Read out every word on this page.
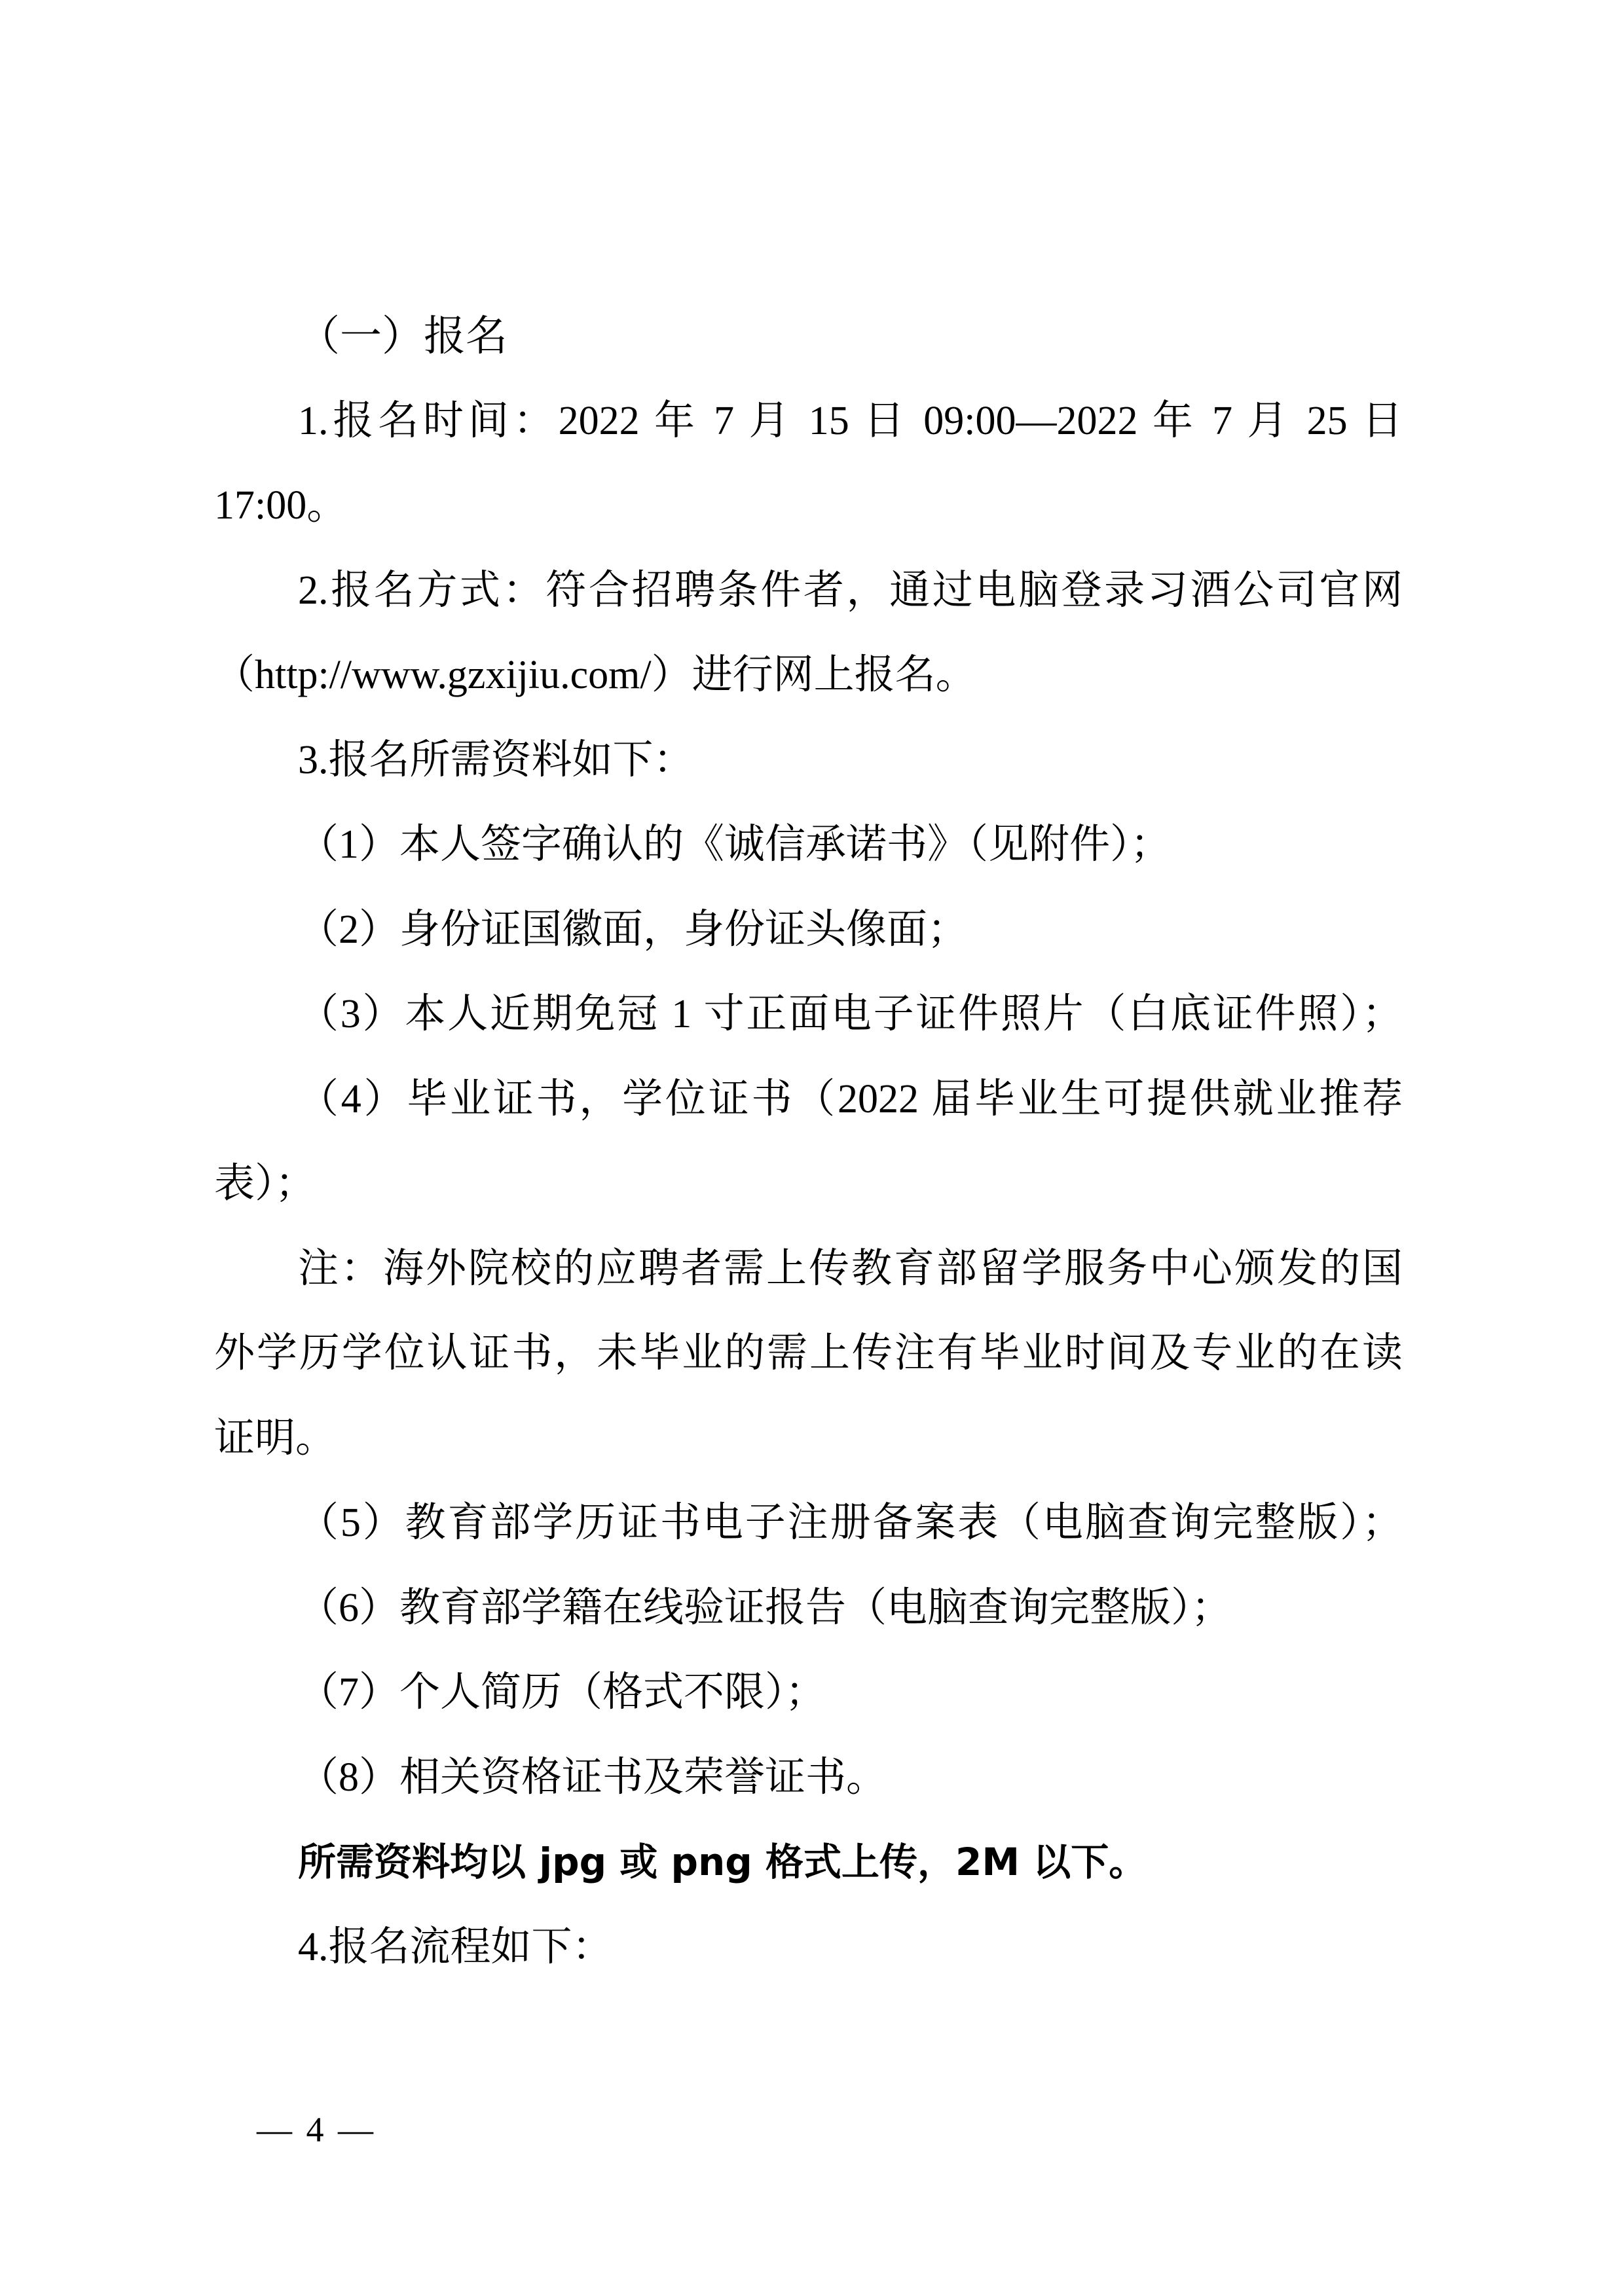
（一）报名
1.报名时间：2022 年 7 月 15 日 09:00—2022 年 7 月 25 日
17:00。
2.报名方式：符合招聘条件者，通过电脑登录习酒公司官网
（http://www.gzxijiu.com/）进行网上报名。
3.报名所需资料如下：
（1）本人签字确认的《诚信承诺书》（见附件）；
（2）身份证国徽面，身份证头像面；
（3）本人近期免冠 1 寸正面电子证件照片（白底证件照）；
（4）毕业证书，学位证书（2022 届毕业生可提供就业推荐
表）；
注：海外院校的应聘者需上传教育部留学服务中心颁发的国
外学历学位认证书，未毕业的需上传注有毕业时间及专业的在读
证明。
（5）教育部学历证书电子注册备案表（电脑查询完整版）；
（6）教育部学籍在线验证报告（电脑查询完整版）；
（7）个人简历（格式不限）；
（8）相关资格证书及荣誉证书。
所需资料均以 jpg 或 png 格式上传，2M 以下。
4.报名流程如下：
— 4 —
